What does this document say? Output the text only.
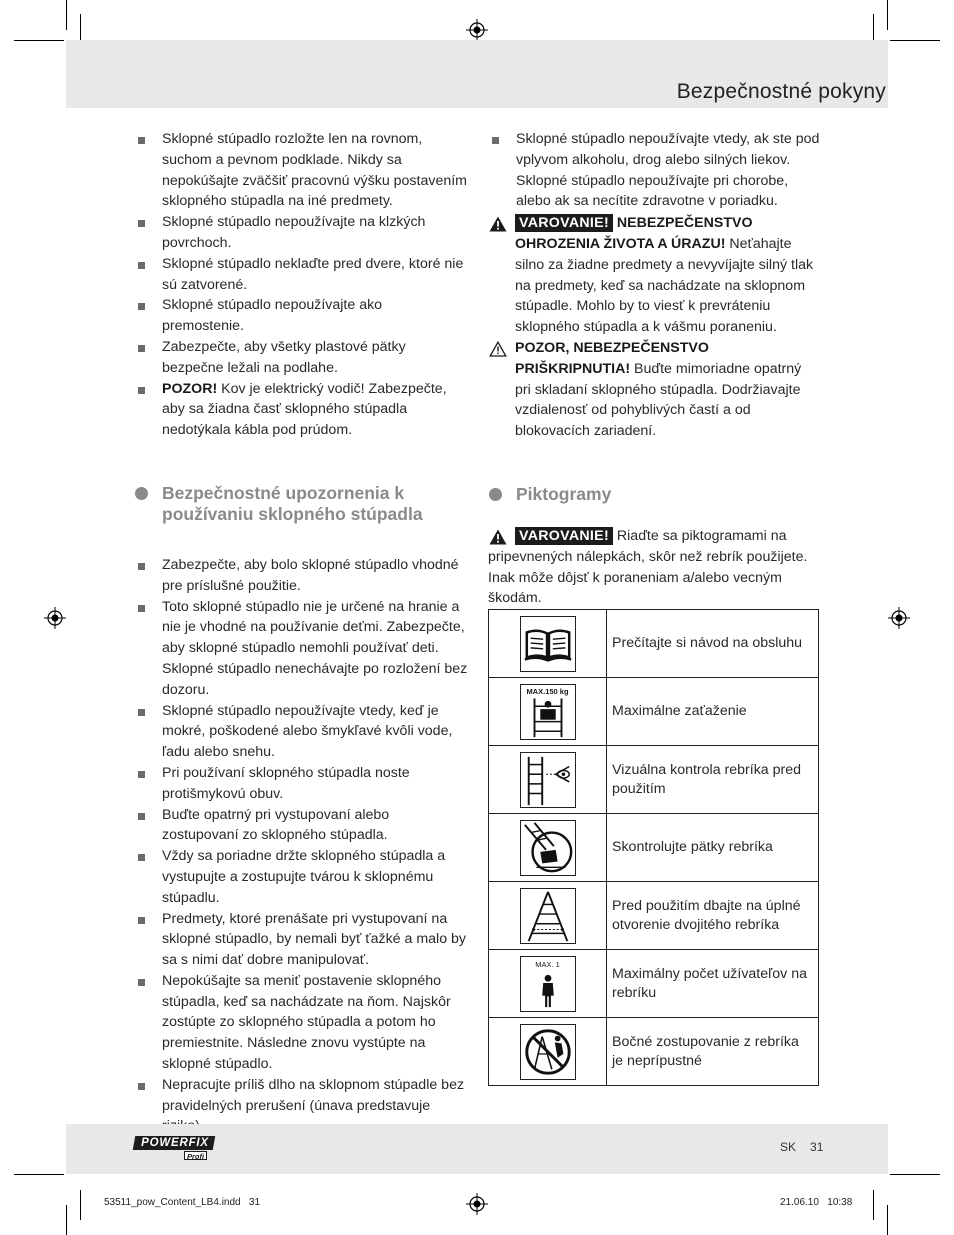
Bezpečnostné pokyny
Sklopné stúpadlo rozložte len na rovnom, suchom a pevnom podklade. Nikdy sa nepokúšajte zväčšiť pracovnú výšku postavením sklopného stúpadla na iné predmety.
Sklopné stúpadlo nepoužívajte na klzkých povrchoch.
Sklopné stúpadlo neklaďte pred dvere, ktoré nie sú zatvorené.
Sklopné stúpadlo nepoužívajte ako premostenie.
Zabezpečte, aby všetky plastové pätky bezpečne ležali na podlahe.
POZOR! Kov je elektrický vodič! Zabezpečte, aby sa žiadna časť sklopného stúpadla nedotýkala kábla pod prúdom.
Bezpečnostné upozornenia k používaniu sklopného stúpadla
Zabezpečte, aby bolo sklopné stúpadlo vhodné pre príslušné použitie.
Toto sklopné stúpadlo nie je určené na hranie a nie je vhodné na používanie deťmi. Zabezpečte, aby sklopné stúpadlo nemohli používať deti. Sklopné stúpadlo nenechávajte po rozložení bez dozoru.
Sklopné stúpadlo nepoužívajte vtedy, keď je mokré, poškodené alebo šmykľavé kvôli vode, ľadu alebo snehu.
Pri používaní sklopného stúpadla noste protišmykovú obuv.
Buďte opatrný pri vystupovaní alebo zostupovaní zo sklopného stúpadla.
Vždy sa poriadne držte sklopného stúpadla a vystupujte a zostupujte tvárou k sklopnému stúpadlu.
Predmety, ktoré prenášate pri vystupovaní na sklopné stúpadlo, by nemali byť ťažké a malo by sa s nimi dať dobre manipulovať.
Nepokúšajte sa meniť postavenie sklopného stúpadla, keď sa nachádzate na ňom. Najskôr zostúpte zo sklopného stúpadla a potom ho premiestnite. Následne znovu vystúpte na sklopné stúpadlo.
Nepracujte príliš dlho na sklopnom stúpadle bez pravidelných prerušení (únava predstavuje
Sklopné stúpadlo nepoužívajte vtedy, ak ste pod vplyvom alkoholu, drog alebo silných liekov. Sklopné stúpadlo nepoužívajte pri chorobe, alebo ak sa necítite zdravotne v poriadku.
VAROVANIE! NEBEZPEČENSTVO OHROZENIA ŽIVOTA A ÚRAZU! Neťahajte silno za žiadne predmety a nevyvíjajte silný tlak na predmety, keď sa nachádzate na sklopnom stúpadle. Mohlo by to viesť k prevráteniu sklopného stúpadla a k vášmu poraneniu.
POZOR, NEBEZPEČENSTVO PRIŠKRIPNUTIA! Buďte mimoriadne opatrný pri skladaní sklopného stúpadla. Dodržiavajte vzdialenosť od pohyblivých častí a od blokovacích zariadení.
Piktogramy
VAROVANIE! Riaďte sa piktogramami na pripevnených nálepkách, skôr než rebrík použijete. Inak môže dôjsť k poraneniam a/alebo vecným škodám.
	Prečítajte si návod na obsluhu

MAX.150 kg	Maximálne zaťaženie

	Vizuálna kontrola rebríka pred použitím

	Skontrolujte pätky rebríka

	Pred použitím dbajte na úplné otvorenie dvojitého rebríka

MAX. 1	Maximálny počet užívateľov na rebríku

	Bočné zostupovanie z rebríka je neprípustné
POWERFIX
Profi
SK 31
53511_pow_Content_LB4.indd   31	21.06.10   10:38
